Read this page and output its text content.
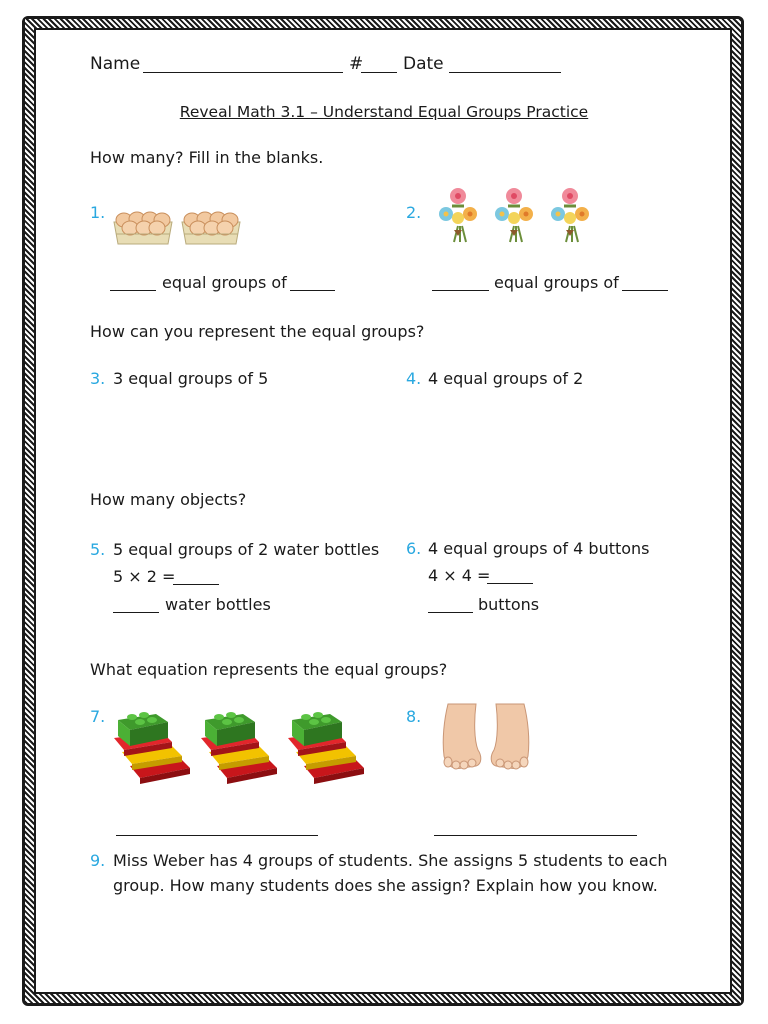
Name	# Date
Reveal Math 3.1 – Understand Equal Groups Practice
How many? Fill in the blanks.
1.
equal groups of
2.
equal groups of
How can you represent the equal groups?
3. 3 equal groups of 5	4. 4 equal groups of 2
How many objects?
5. 5 equal groups of 2 water bottles
5 × 2 =
water bottles
6. 4 equal groups of 4 buttons
4 × 4 =
buttons
What equation represents the equal groups?
7.	8.
9. Miss Weber has 4 groups of students. She assigns 5 students to each
group. How many students does she assign? Explain how you know.
